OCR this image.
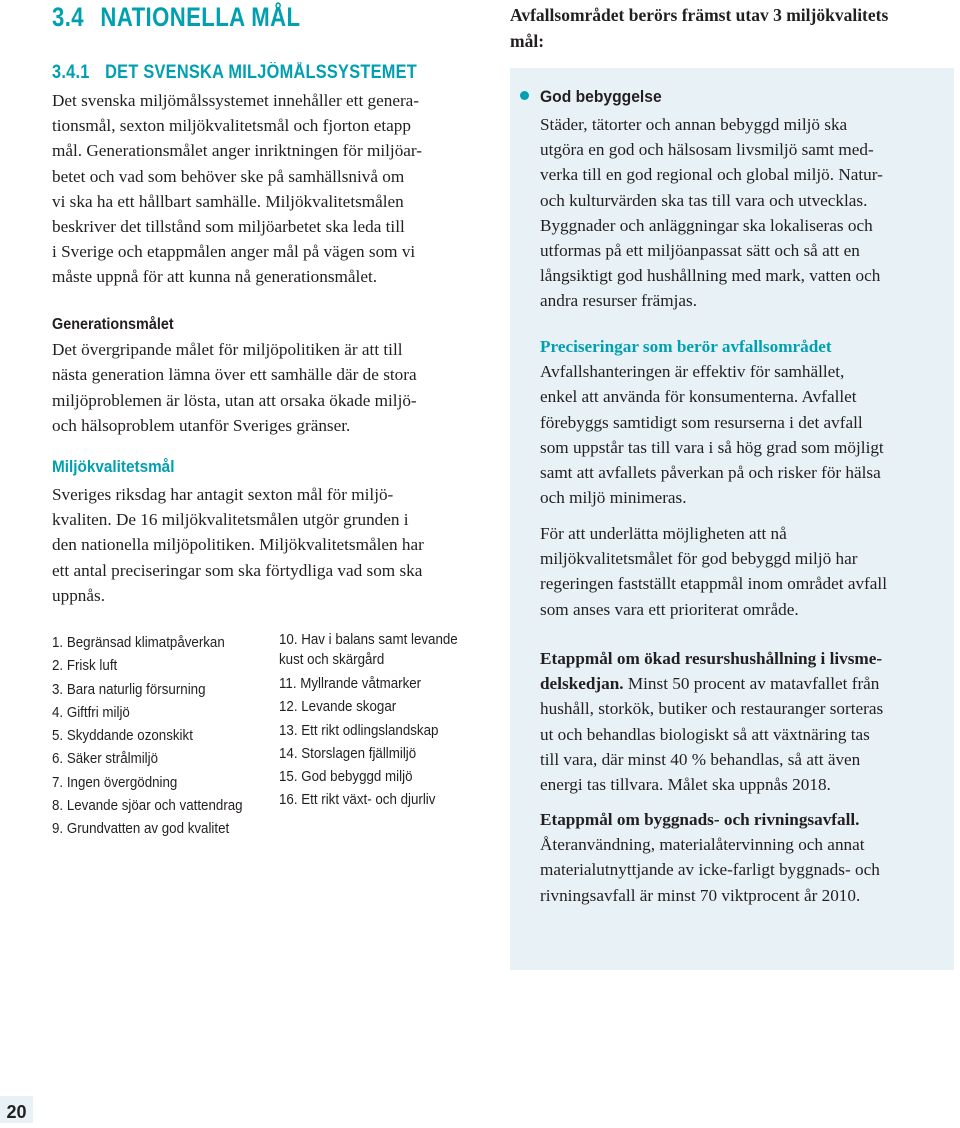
3.4 NATIONELLA MÅL
3.4.1 DET SVENSKA MILJÖMÅLSSYSTEMET
Det svenska miljömålssystemet innehåller ett genera-
tionsmål, sexton miljökvalitetsmål och fjorton etapp
mål. Generationsmålet anger inriktningen för miljöar-
betet och vad som behöver ske på samhällsnivå om
vi ska ha ett hållbart samhälle. Miljökvalitetsmålen
beskriver det tillstånd som miljöarbetet ska leda till
i Sverige och etappmålen anger mål på vägen som vi
måste uppnå för att kunna nå generationsmålet.
Generationsmålet
Det övergripande målet för miljöpolitiken är att till
nästa generation lämna över ett samhälle där de stora
miljöproblemen är lösta, utan att orsaka ökade miljö-
och hälsoproblem utanför Sveriges gränser.
Miljökvalitetsmål
Sveriges riksdag har antagit sexton mål för miljö-
kvaliten. De 16 miljökvalitetsmålen utgör grunden i
den nationella miljöpolitiken. Miljökvalitetsmålen har
ett antal preciseringar som ska förtydliga vad som ska
uppnås.
1. Begränsad klimatpåverkan
2. Frisk luft
3. Bara naturlig försurning
4. Giftfri miljö
5. Skyddande ozonskikt
6. Säker strålmiljö
7. Ingen övergödning
8. Levande sjöar och vattendrag
9. Grundvatten av god kvalitet
10. Hav i balans samt levande
kust och skärgård
11. Myllrande våtmarker
12. Levande skogar
13. Ett rikt odlingslandskap
14. Storslagen fjällmiljö
15. God bebyggd miljö
16. Ett rikt växt- och djurliv
Avfallsområdet berörs främst utav 3 miljökvalitets
mål:
God bebyggelse
Städer, tätorter och annan bebyggd miljö ska
utgöra en god och hälsosam livsmiljö samt med-
verka till en god regional och global miljö. Natur-
och kulturvärden ska tas till vara och utvecklas.
Byggnader och anläggningar ska lokaliseras och
utformas på ett miljöanpassat sätt och så att en
långsiktigt god hushållning med mark, vatten och
andra resurser främjas.
Preciseringar som berör avfallsområdet
Avfallshanteringen är effektiv för samhället,
enkel att använda för konsumenterna. Avfallet
förebyggs samtidigt som resurserna i det avfall
som uppstår tas till vara i så hög grad som möjligt
samt att avfallets påverkan på och risker för hälsa
och miljö minimeras.
För att underlätta möjligheten att nå
miljökvalitetsmålet för god bebyggd miljö har
regeringen fastställt etappmål inom området avfall
som anses vara ett prioriterat område.
Etappmål om ökad resurshushållning i livsme-
delskedjan. Minst 50 procent av matavfallet från
hushåll, storkök, butiker och restauranger sorteras
ut och behandlas biologiskt så att växtnäring tas
till vara, där minst 40 % behandlas, så att även
energi tas tillvara. Målet ska uppnås 2018.
Etappmål om byggnads- och rivningsavfall.
Återanvändning, materialåtervinning och annat
materialutnyttjande av icke-farligt byggnads- och
rivningsavfall är minst 70 viktprocent år 2010.
20
